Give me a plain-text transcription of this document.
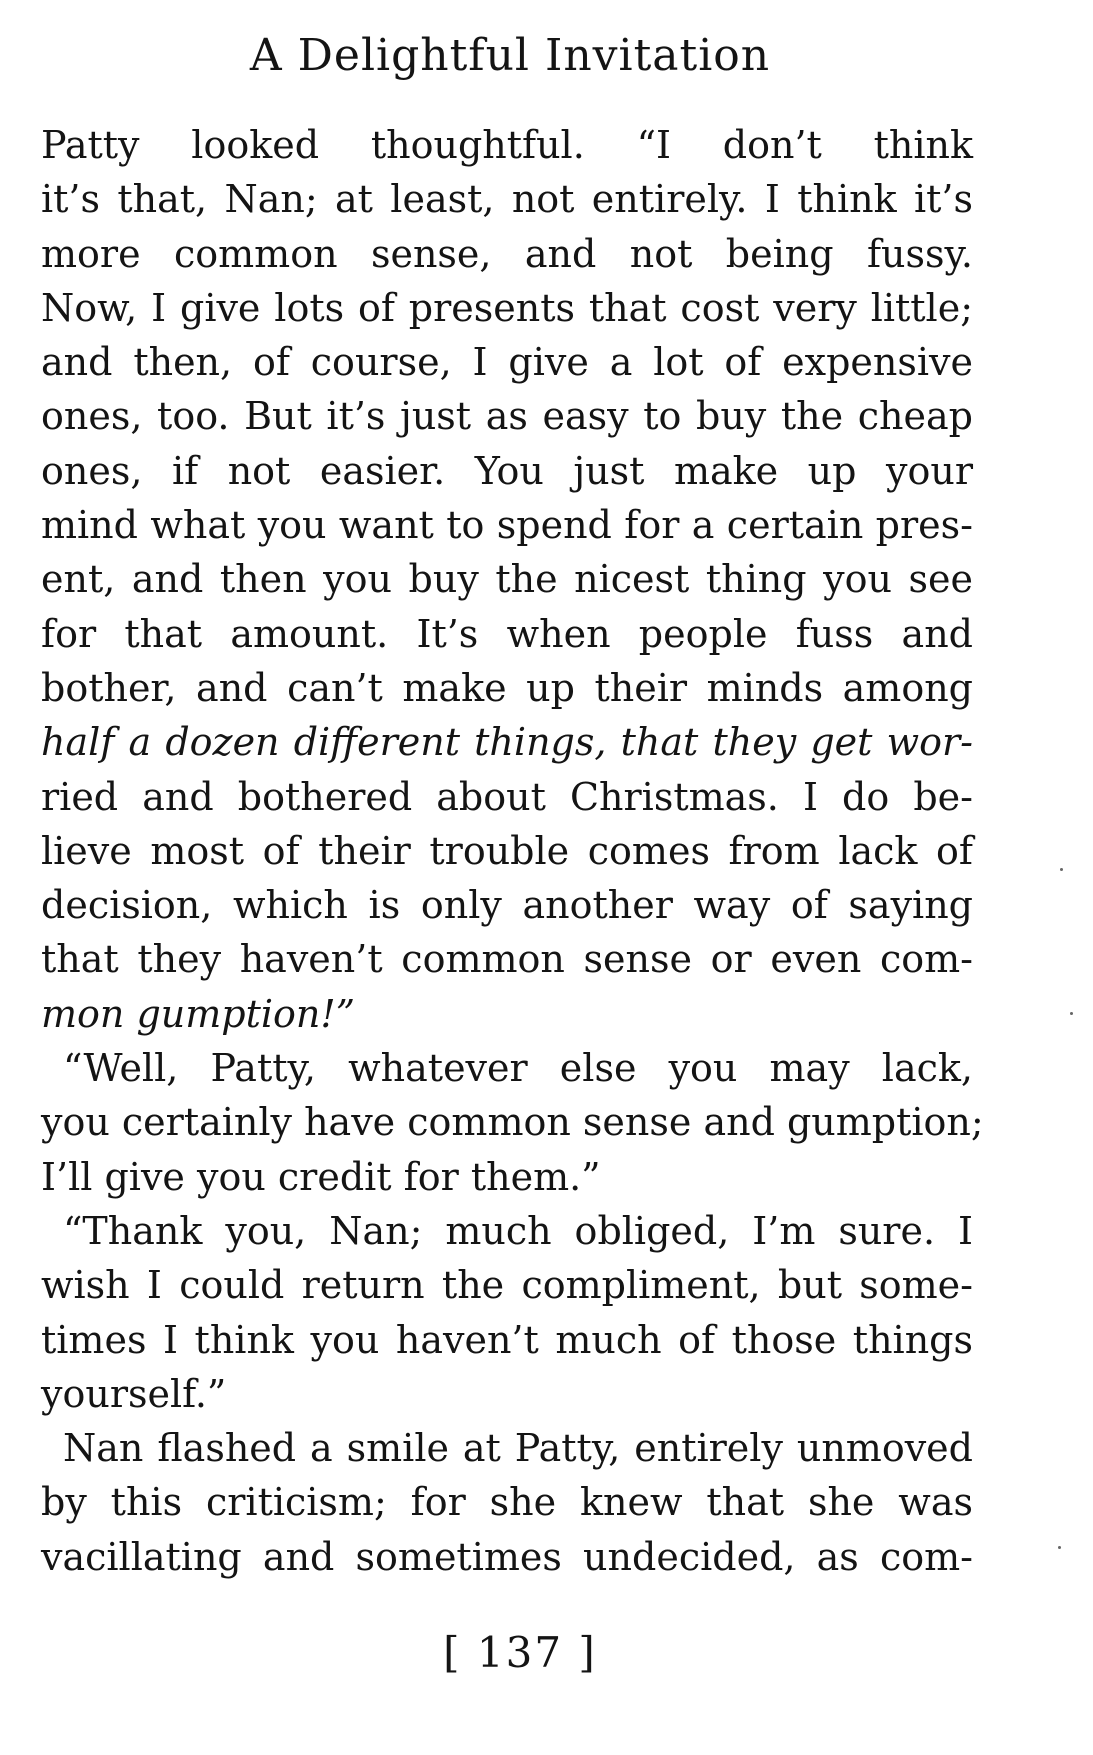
A Delightful Invitation
Patty looked thoughtful. “I don’t think
it’s that, Nan; at least, not entirely. I think it’s
more common sense, and not being fussy.
Now, I give lots of presents that cost very little;
and then, of course, I give a lot of expensive
ones, too. But it’s just as easy to buy the cheap
ones, if not easier. You just make up your
mind what you want to spend for a certain pres-
ent, and then you buy the nicest thing you see
for that amount. It’s when people fuss and
bother, and can’t make up their minds among
half a dozen different things, that they get wor-
ried and bothered about Christmas. I do be-
lieve most of their trouble comes from lack of
decision, which is only another way of saying
that they haven’t common sense or even com-
mon gumption!”
“Well, Patty, whatever else you may lack,
you certainly have common sense and gumption;
I’ll give you credit for them.”
“Thank you, Nan; much obliged, I’m sure. I
wish I could return the compliment, but some-
times I think you haven’t much of those things
yourself.”
Nan flashed a smile at Patty, entirely unmoved
by this criticism; for she knew that she was
vacillating and sometimes undecided, as com-
[ 137 ]
